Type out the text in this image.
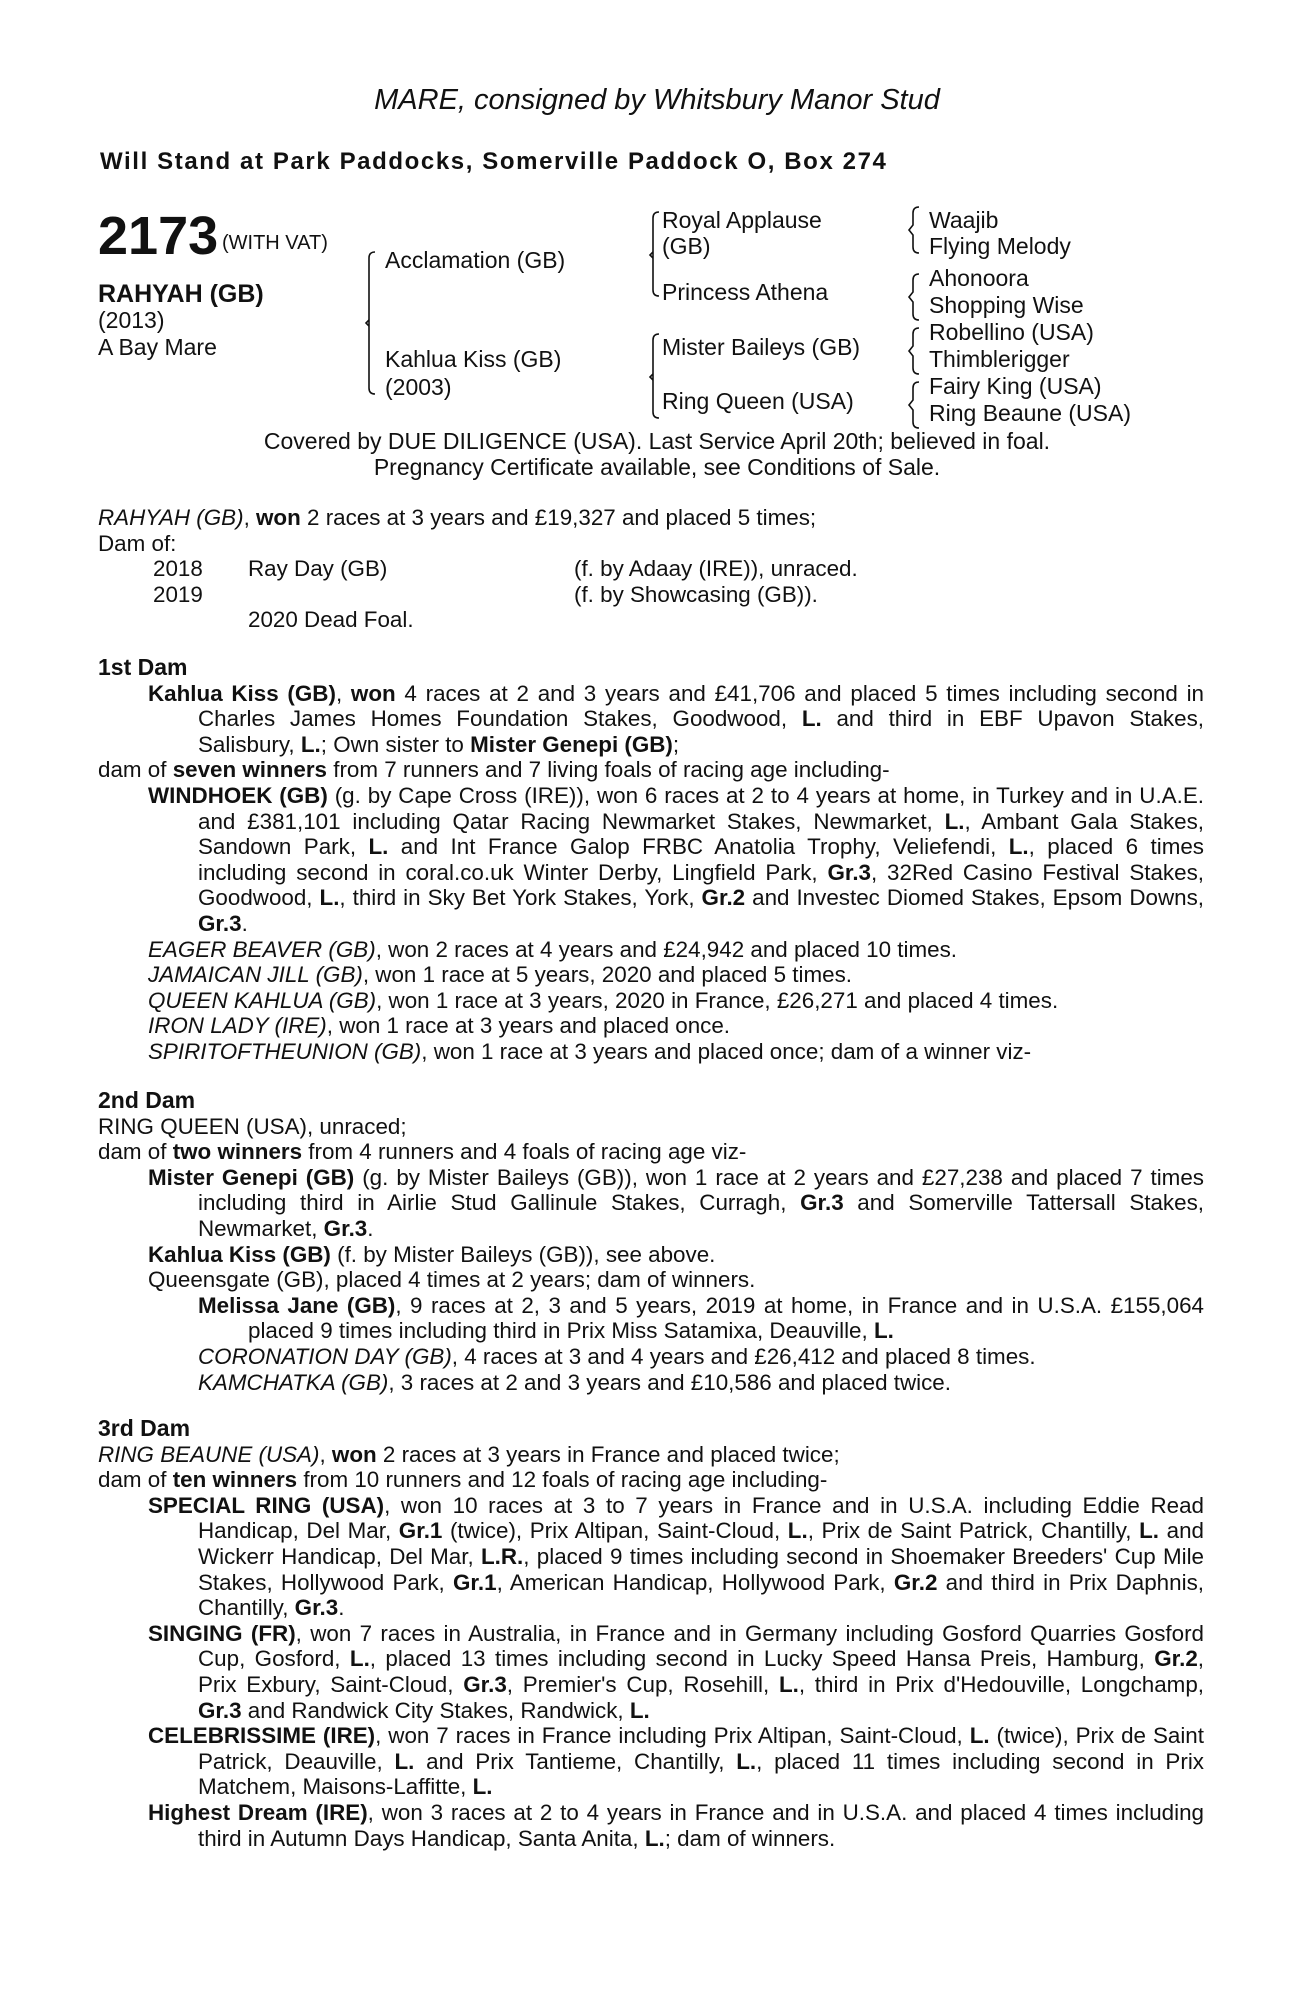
MARE, consigned by Whitsbury Manor Stud
Will Stand at Park Paddocks, Somerville Paddock O, Box 274
2173 (WITH VAT)
RAHYAH (GB)
(2013)
A Bay Mare
Acclamation (GB)
Kahlua Kiss (GB)
(2003)
Royal Applause
(GB)
Princess Athena
Mister Baileys (GB)
Ring Queen (USA)
Waajib
Flying Melody
Ahonoora
Shopping Wise
Robellino (USA)
Thimblerigger
Fairy King (USA)
Ring Beaune (USA)
Covered by DUE DILIGENCE (USA). Last Service April 20th; believed in foal.
Pregnancy Certificate available, see Conditions of Sale.

RAHYAH (GB), won 2 races at 3 years and £19,327 and placed 5 times;

Dam of:

2018 Ray Day (GB)	(f. by Adaay (IRE)), unraced.
2019	(f. by Showcasing (GB)).
2020 Dead Foal.

1st Dam

Kahlua Kiss (GB), won 4 races at 2 and 3 years and £41,706 and placed 5 times including second in Charles James Homes Foundation Stakes, Goodwood, L. and third in EBF Upavon Stakes, Salisbury, L.; Own sister to Mister Genepi (GB);

dam of seven winners from 7 runners and 7 living foals of racing age including-

WINDHOEK (GB) (g. by Cape Cross (IRE)), won 6 races at 2 to 4 years at home, in Turkey and in U.A.E. and £381,101 including Qatar Racing Newmarket Stakes, Newmarket, L., Ambant Gala Stakes, Sandown Park, L. and Int France Galop FRBC Anatolia Trophy, Veliefendi, L., placed 6 times including second in coral.co.uk Winter Derby, Lingfield Park, Gr.3, 32Red Casino Festival Stakes, Goodwood, L., third in Sky Bet York Stakes, York, Gr.2 and Investec Diomed Stakes, Epsom Downs, Gr.3.

EAGER BEAVER (GB), won 2 races at 4 years and £24,942 and placed 10 times.

JAMAICAN JILL (GB), won 1 race at 5 years, 2020 and placed 5 times.

QUEEN KAHLUA (GB), won 1 race at 3 years, 2020 in France, £26,271 and placed 4 times.

IRON LADY (IRE), won 1 race at 3 years and placed once.

SPIRITOFTHEUNION (GB), won 1 race at 3 years and placed once; dam of a winner viz-

2nd Dam

RING QUEEN (USA), unraced;

dam of two winners from 4 runners and 4 foals of racing age viz-

Mister Genepi (GB) (g. by Mister Baileys (GB)), won 1 race at 2 years and £27,238 and placed 7 times including third in Airlie Stud Gallinule Stakes, Curragh, Gr.3 and Somerville Tattersall Stakes, Newmarket, Gr.3.

Kahlua Kiss (GB) (f. by Mister Baileys (GB)), see above.

Queensgate (GB), placed 4 times at 2 years; dam of winners.

Melissa Jane (GB), 9 races at 2, 3 and 5 years, 2019 at home, in France and in U.S.A. £155,064 placed 9 times including third in Prix Miss Satamixa, Deauville, L.

CORONATION DAY (GB), 4 races at 3 and 4 years and £26,412 and placed 8 times.

KAMCHATKA (GB), 3 races at 2 and 3 years and £10,586 and placed twice.

3rd Dam

RING BEAUNE (USA), won 2 races at 3 years in France and placed twice;

dam of ten winners from 10 runners and 12 foals of racing age including-

SPECIAL RING (USA), won 10 races at 3 to 7 years in France and in U.S.A. including Eddie Read Handicap, Del Mar, Gr.1 (twice), Prix Altipan, Saint-Cloud, L., Prix de Saint Patrick, Chantilly, L. and Wickerr Handicap, Del Mar, L.R., placed 9 times including second in Shoemaker Breeders' Cup Mile Stakes, Hollywood Park, Gr.1, American Handicap, Hollywood Park, Gr.2 and third in Prix Daphnis, Chantilly, Gr.3.

SINGING (FR), won 7 races in Australia, in France and in Germany including Gosford Quarries Gosford Cup, Gosford, L., placed 13 times including second in Lucky Speed Hansa Preis, Hamburg, Gr.2, Prix Exbury, Saint-Cloud, Gr.3, Premier's Cup, Rosehill, L., third in Prix d'Hedouville, Longchamp, Gr.3 and Randwick City Stakes, Randwick, L.

CELEBRISSIME (IRE), won 7 races in France including Prix Altipan, Saint-Cloud, L. (twice), Prix de Saint Patrick, Deauville, L. and Prix Tantieme, Chantilly, L., placed 11 times including second in Prix Matchem, Maisons-Laffitte, L.

Highest Dream (IRE), won 3 races at 2 to 4 years in France and in U.S.A. and placed 4 times including third in Autumn Days Handicap, Santa Anita, L.; dam of winners.
